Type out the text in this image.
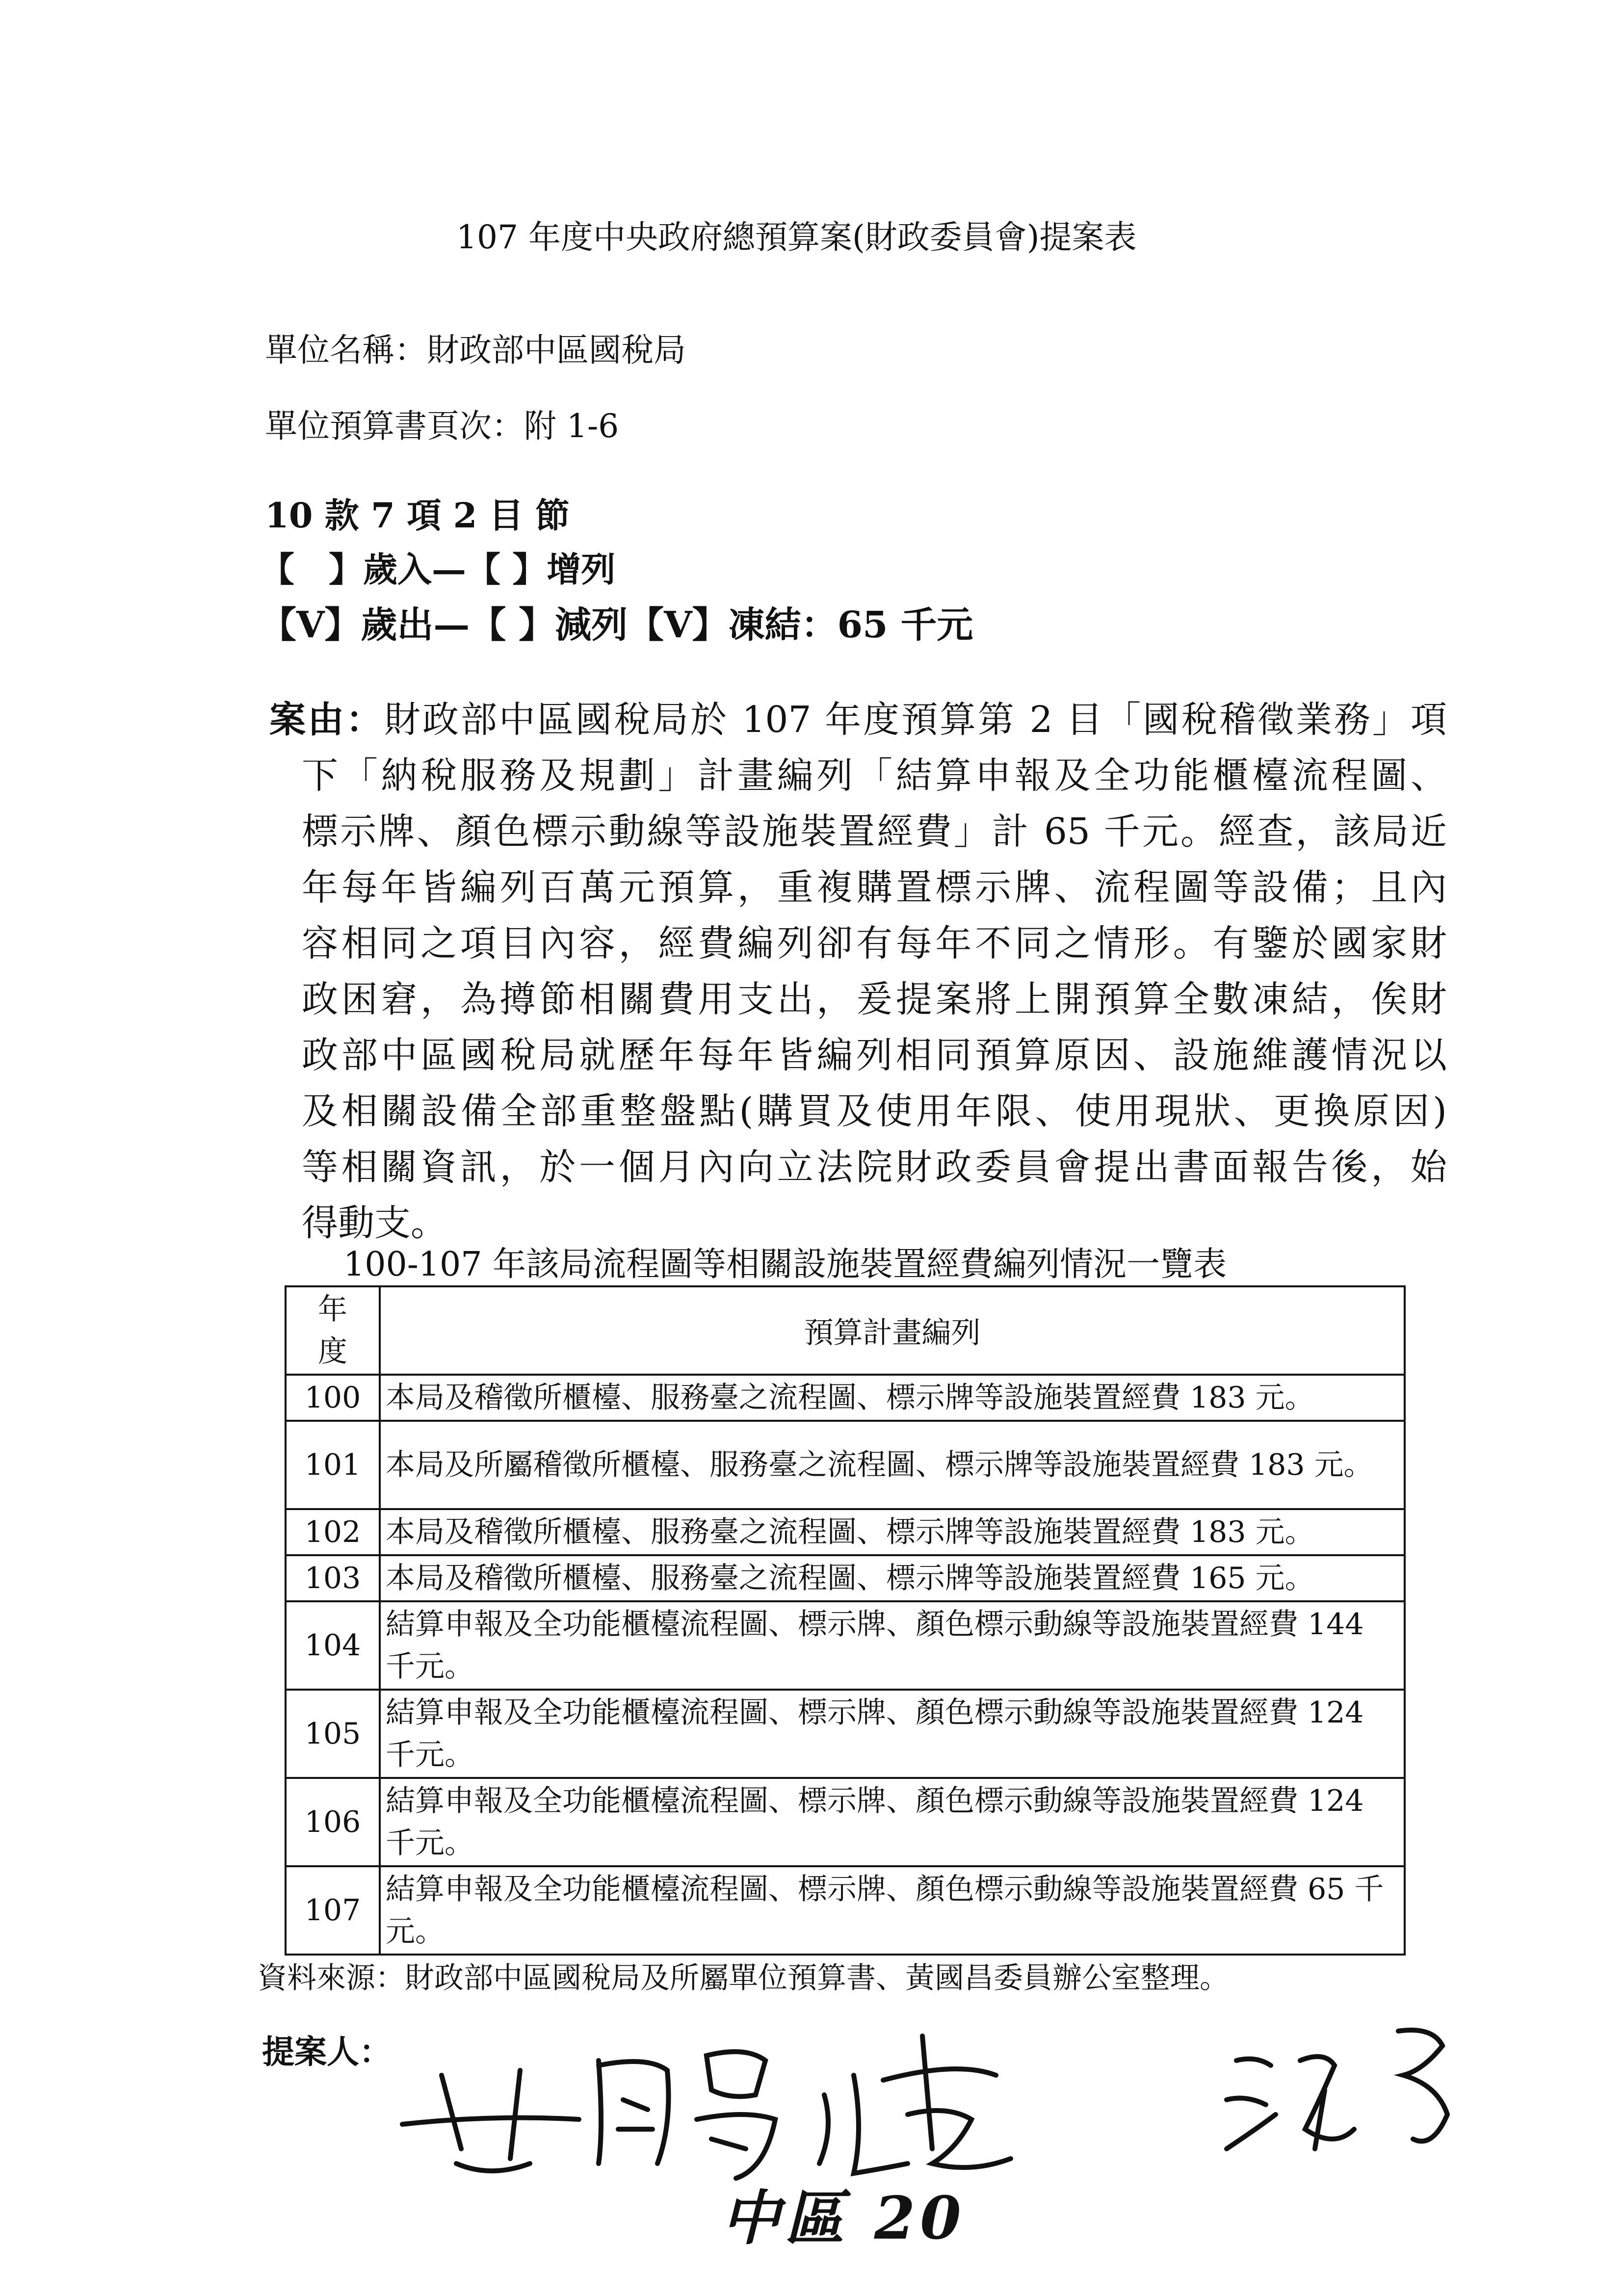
107 年度中央政府總預算案(財政委員會)提案表
單位名稱：財政部中區國稅局
單位預算書頁次：附 1-6
10 款 7 項 2 目 節
【　】歲入—【 】增列
【V】歲出—【 】減列【V】凍結：65 千元
案由：財政部中區國稅局於 107 年度預算第 2 目「國稅稽徵業務」項
下「納稅服務及規劃」計畫編列「結算申報及全功能櫃檯流程圖、
標示牌、顏色標示動線等設施裝置經費」計 65 千元。經查，該局近
年每年皆編列百萬元預算，重複購置標示牌、流程圖等設備；且內
容相同之項目內容，經費編列卻有每年不同之情形。有鑒於國家財
政困窘，為撙節相關費用支出，爰提案將上開預算全數凍結，俟財
政部中區國稅局就歷年每年皆編列相同預算原因、設施維護情況以
及相關設備全部重整盤點(購買及使用年限、使用現狀、更換原因)
等相關資訊，於一個月內向立法院財政委員會提出書面報告後，始
得動支。
100-107 年該局流程圖等相關設施裝置經費編列情況一覽表
年
度	預算計畫編列
100	本局及稽徵所櫃檯、服務臺之流程圖、標示牌等設施裝置經費 183 元。
101	本局及所屬稽徵所櫃檯、服務臺之流程圖、標示牌等設施裝置經費 183 元。
102	本局及稽徵所櫃檯、服務臺之流程圖、標示牌等設施裝置經費 183 元。
103	本局及稽徵所櫃檯、服務臺之流程圖、標示牌等設施裝置經費 165 元。
104	結算申報及全功能櫃檯流程圖、標示牌、顏色標示動線等設施裝置經費 144 千元。
105	結算申報及全功能櫃檯流程圖、標示牌、顏色標示動線等設施裝置經費 124 千元。
106	結算申報及全功能櫃檯流程圖、標示牌、顏色標示動線等設施裝置經費 124 千元。
107	結算申報及全功能櫃檯流程圖、標示牌、顏色標示動線等設施裝置經費 65 千元。
資料來源：財政部中區國稅局及所屬單位預算書、黃國昌委員辦公室整理。
提案人：
中區 20
